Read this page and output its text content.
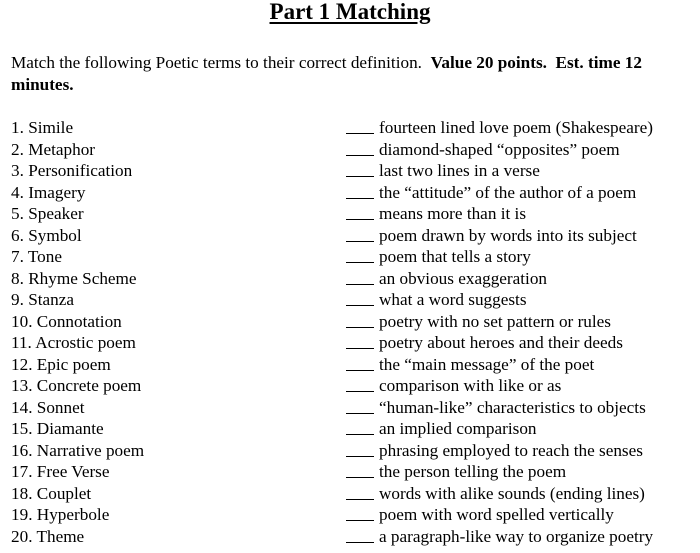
Part 1 Matching
Match the following Poetic terms to their correct definition. Value 20 points. Est. time 12 minutes.
1. Simile
2. Metaphor
3. Personification
4. Imagery
5. Speaker
6. Symbol
7. Tone
8. Rhyme Scheme
9. Stanza
10. Connotation
11. Acrostic poem
12. Epic poem
13. Concrete poem
14. Sonnet
15. Diamante
16. Narrative poem
17. Free Verse
18. Couplet
19. Hyperbole
20. Theme
fourteen lined love poem (Shakespeare)
diamond-shaped “opposites” poem
last two lines in a verse
the “attitude” of the author of a poem
means more than it is
poem drawn by words into its subject
poem that tells a story
an obvious exaggeration
what a word suggests
poetry with no set pattern or rules
poetry about heroes and their deeds
the “main message” of the poet
comparison with like or as
“human-like” characteristics to objects
an implied comparison
phrasing employed to reach the senses
the person telling the poem
words with alike sounds (ending lines)
poem with word spelled vertically
a paragraph-like way to organize poetry
